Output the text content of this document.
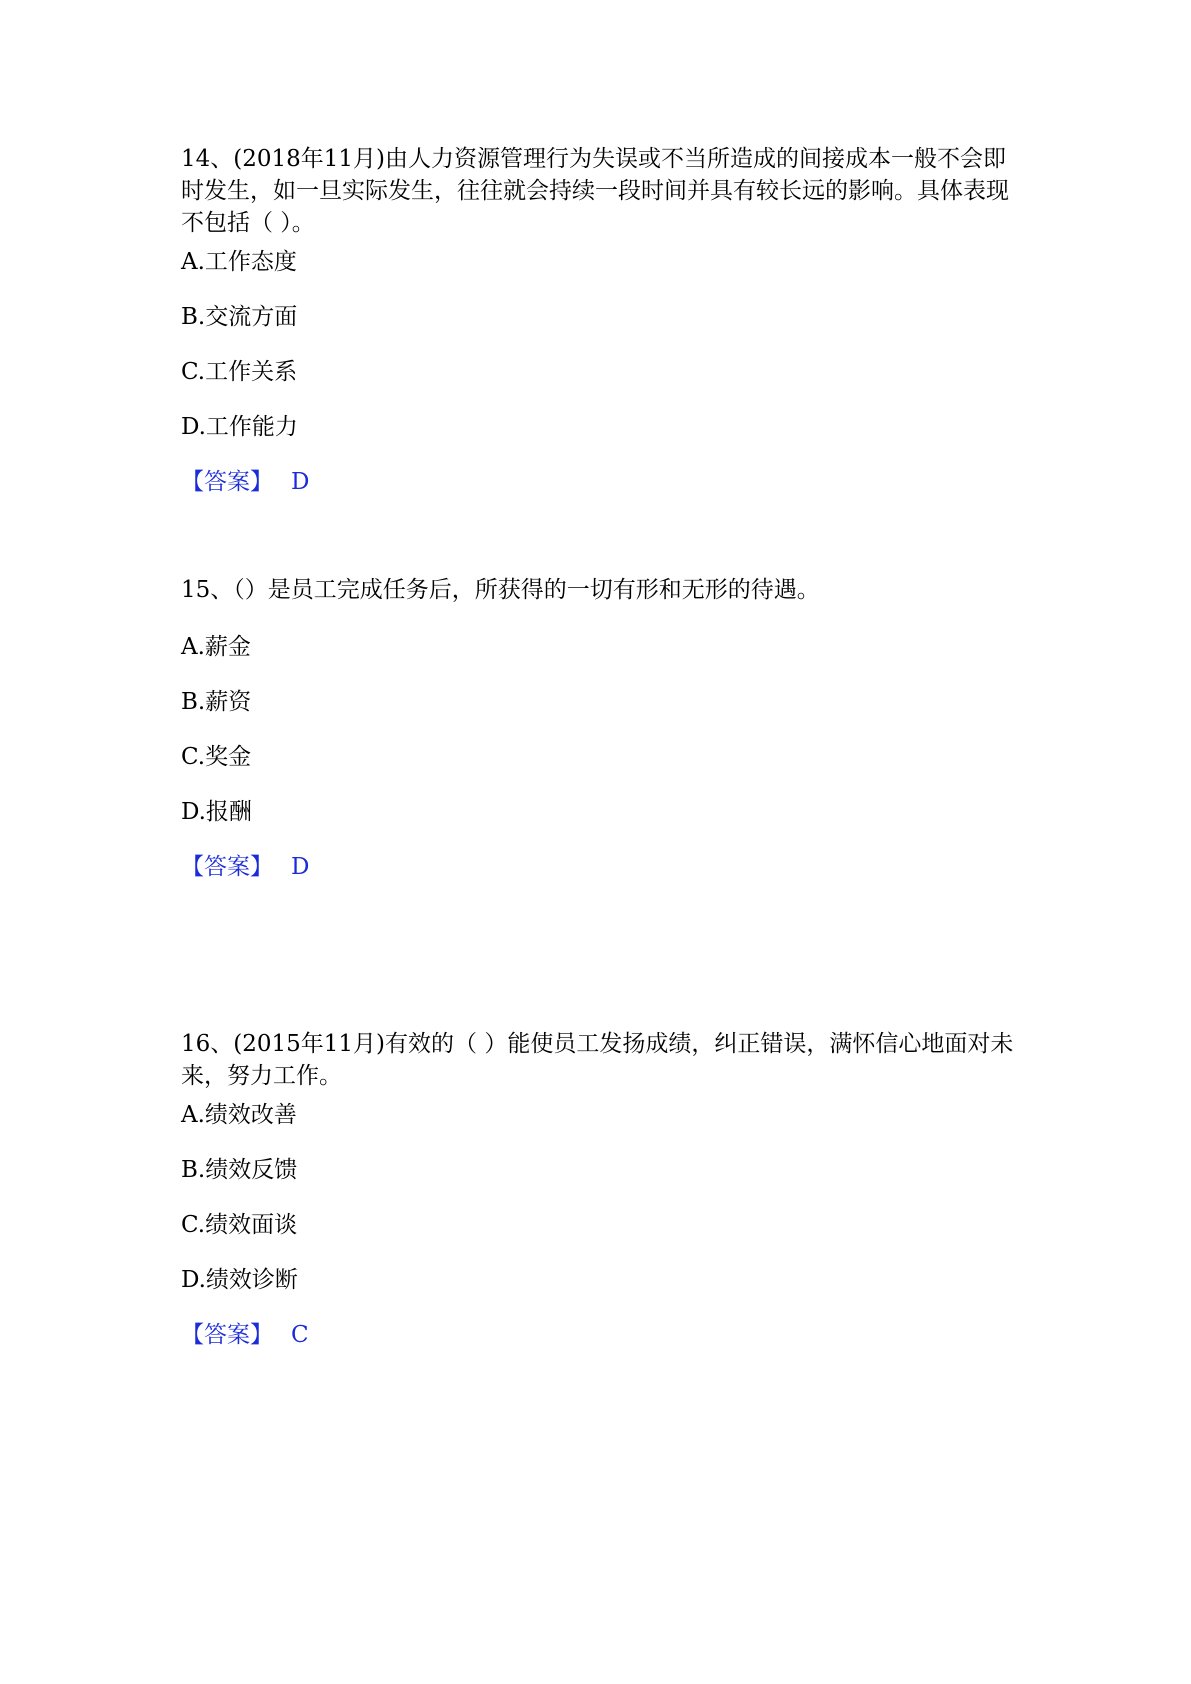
14、(2018年11月)由人力资源管理行为失误或不当所造成的间接成本一般不会即时发生，如一旦实际发生，往往就会持续一段时间并具有较长远的影响。具体表现不包括（ ）。

A.工作态度

B.交流方面

C.工作关系

D.工作能力

【答案】 D

15、（）是员工完成任务后，所获得的一切有形和无形的待遇。

A.薪金

B.薪资

C.奖金

D.报酬

【答案】 D

16、(2015年11月)有效的（ ）能使员工发扬成绩，纠正错误，满怀信心地面对未来，努力工作。

A.绩效改善

B.绩效反馈

C.绩效面谈

D.绩效诊断

【答案】 C
